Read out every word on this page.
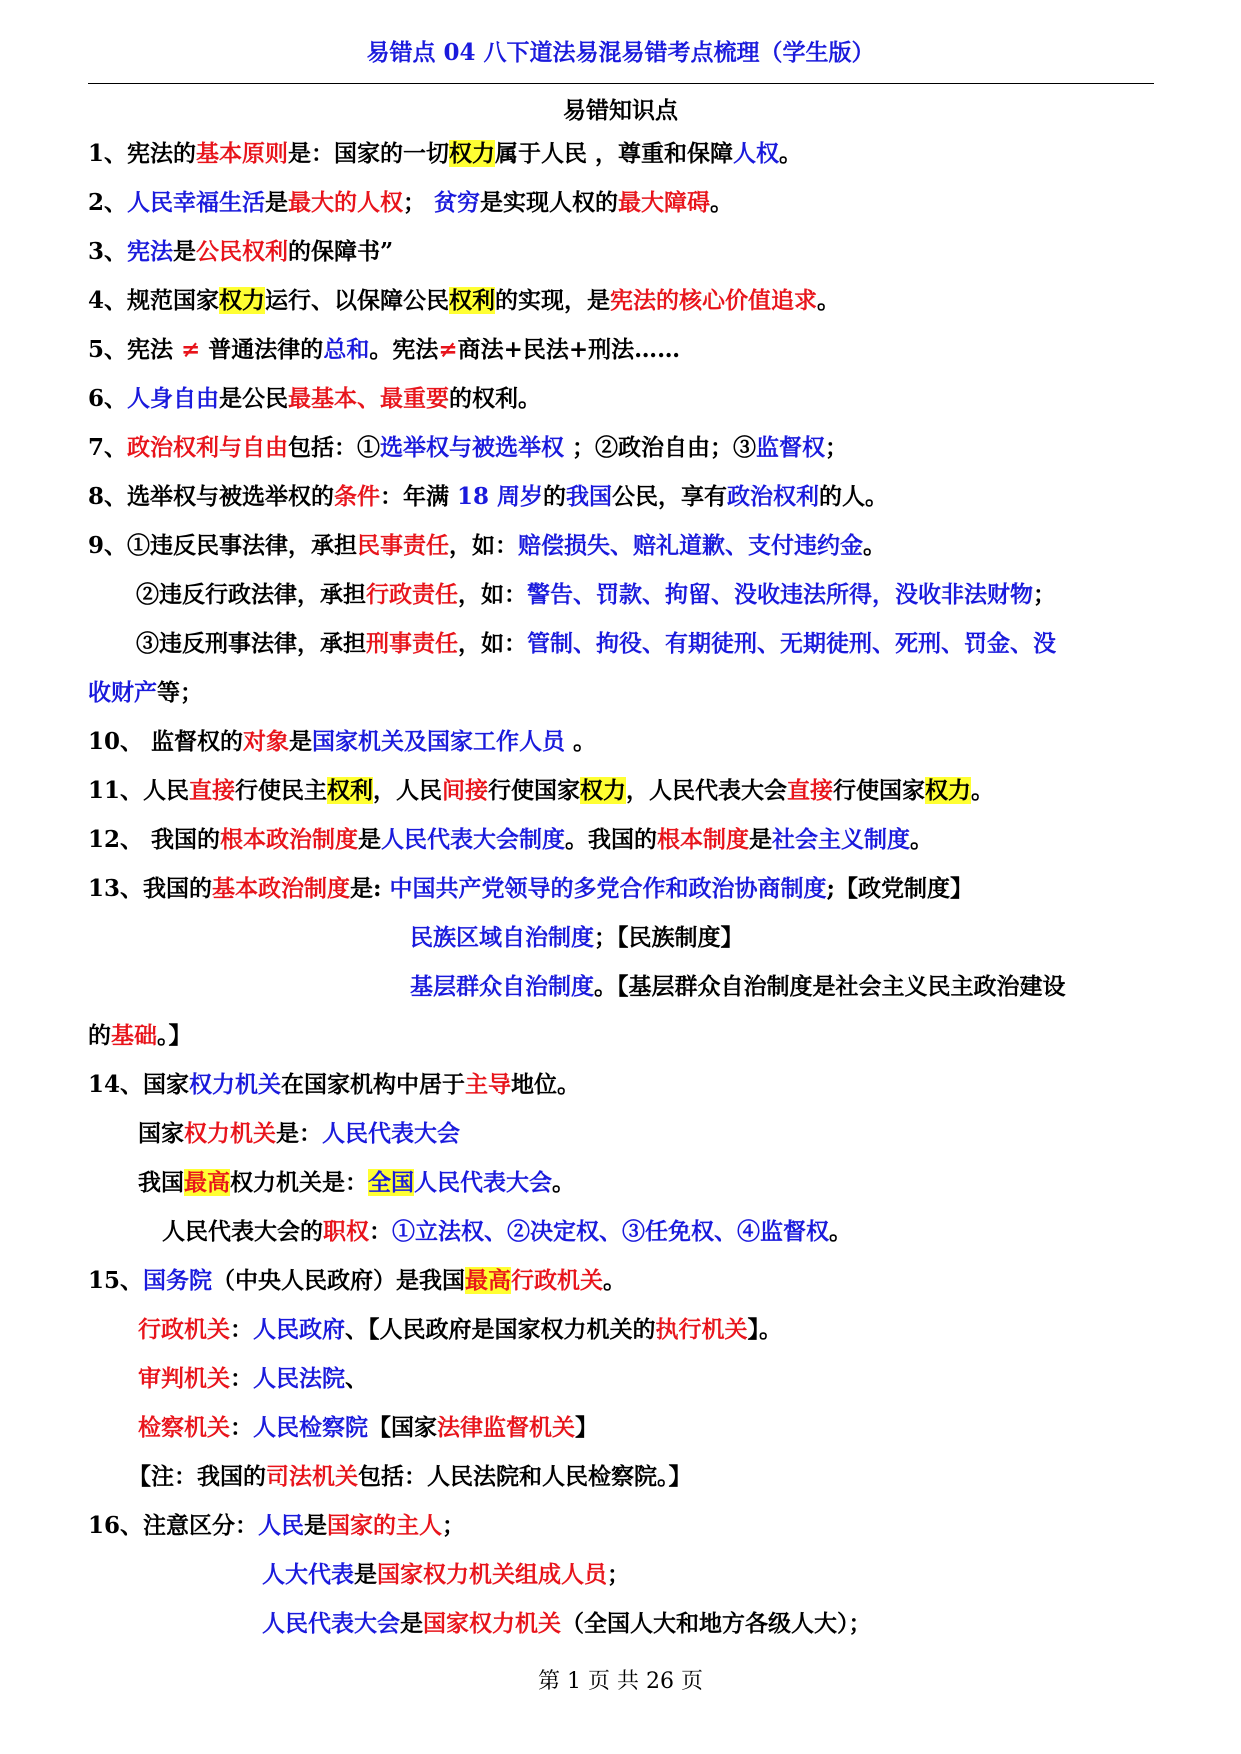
易错点 04 八下道法易混易错考点梳理（学生版）
易错知识点
1、宪法的基本原则是：国家的一切权力属于人民 ，尊重和保障人权。
2、人民幸福生活是最大的人权； 贫穷是实现人权的最大障碍。
3、宪法是公民权利的保障书”
4、规范国家权力运行、以保障公民权利的实现，是宪法的核心价值追求。
5、宪法 ≠ 普通法律的总和。宪法≠商法+民法+刑法……
6、人身自由是公民最基本、最重要的权利。
7、政治权利与自由包括：①选举权与被选举权 ；②政治自由；③监督权；
8、选举权与被选举权的条件：年满 18 周岁的我国公民，享有政治权利的人。
9、①违反民事法律，承担民事责任，如：赔偿损失、赔礼道歉、支付违约金。
②违反行政法律，承担行政责任，如：警告、罚款、拘留、没收违法所得，没收非法财物；
③违反刑事法律，承担刑事责任，如：管制、拘役、有期徒刑、无期徒刑、死刑、罚金、没
收财产等；
10、 监督权的对象是国家机关及国家工作人员 。
11、人民直接行使民主权利，人民间接行使国家权力，人民代表大会直接行使国家权力。
12、 我国的根本政治制度是人民代表大会制度。我国的根本制度是社会主义制度。
13、我国的基本政治制度是: 中国共产党领导的多党合作和政治协商制度;【政党制度】
民族区域自治制度；【民族制度】
基层群众自治制度。【基层群众自治制度是社会主义民主政治建设
的基础。】
14、国家权力机关在国家机构中居于主导地位。
国家权力机关是：人民代表大会
我国最高权力机关是：全国人民代表大会。
人民代表大会的职权：①立法权、②决定权、③任免权、④监督权。
15、国务院（中央人民政府）是我国最高行政机关。
行政机关：人民政府、【人民政府是国家权力机关的执行机关】。
审判机关：人民法院、
检察机关：人民检察院【国家法律监督机关】
【注：我国的司法机关包括：人民法院和人民检察院。】
16、注意区分：人民是国家的主人；
人大代表是国家权力机关组成人员；
人民代表大会是国家权力机关（全国人大和地方各级人大）；
第 1 页 共 26 页
